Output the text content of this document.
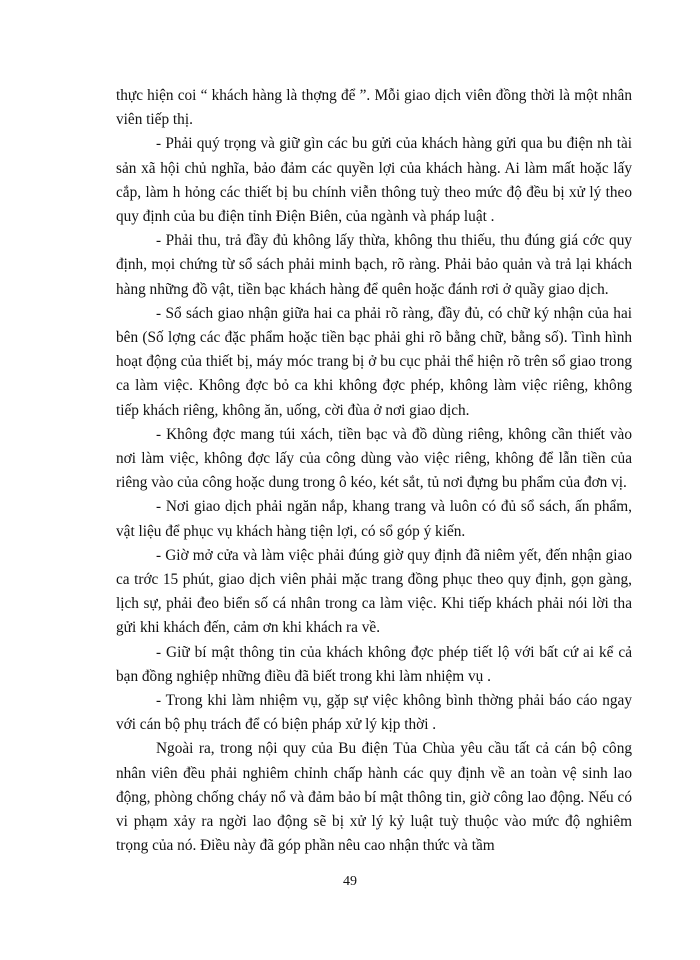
thực hiện coi “ khách hàng là thợng để ”. Mỗi giao dịch viên đồng thời là một nhân viên tiếp thị.

- Phải quý trọng và giữ gìn các bu gửi của khách hàng gửi qua bu điện nh tài sản xã hội chủ nghĩa, bảo đảm các quyền lợi của khách hàng. Ai làm mất hoặc lấy cắp, làm h hỏng các thiết bị bu chính viễn thông tuỳ theo mức độ đều bị xử lý theo quy định của bu điện tỉnh Điện Biên, của ngành và pháp luật .

- Phải thu, trả đầy đủ không lấy thừa, không thu thiếu, thu đúng giá cớc quy định, mọi chứng từ sổ sách phải minh bạch, rõ ràng. Phải bảo quản và trả lại khách hàng những đồ vật, tiền bạc khách hàng để quên hoặc đánh rơi ở quầy giao dịch.

- Sổ sách giao nhận giữa hai ca phải rõ ràng, đầy đủ, có chữ ký nhận của hai bên (Số lợng các đặc phẩm hoặc tiền bạc phải ghi rõ bằng chữ, bằng số). Tình hình hoạt động của thiết bị, máy móc trang bị ở bu cục phải thể hiện rõ trên sổ giao trong ca làm việc. Không đợc bỏ ca khi không đợc phép, không làm việc riêng, không tiếp khách riêng, không ăn, uống, cời đùa ở nơi giao dịch.

- Không đợc mang túi xách, tiền bạc và đồ dùng riêng, không cần thiết vào nơi làm việc, không đợc lấy của công dùng vào việc riêng, không để lẫn tiền của riêng vào của công hoặc dung trong ô kéo, két sắt, tủ nơi đựng bu phẩm của đơn vị.

- Nơi giao dịch phải ngăn nắp, khang trang và luôn có đủ sổ sách, ấn phẩm, vật liệu để phục vụ khách hàng tiện lợi, có sổ góp ý kiến.

- Giờ mở cửa và làm việc phải đúng giờ quy định đã niêm yết, đến nhận giao ca trớc 15 phút, giao dịch viên phải mặc trang đồng phục theo quy định, gọn gàng, lịch sự, phải đeo biển số cá nhân trong ca làm việc. Khi tiếp khách phải nói lời tha gửi khi khách đến, cảm ơn khi khách ra về.

- Giữ bí mật thông tin của khách không đợc phép tiết lộ với bất cứ ai kể cả bạn đồng nghiệp những điều đã biết trong khi làm nhiệm vụ .

- Trong khi làm nhiệm vụ, gặp sự việc không bình thờng phải báo cáo ngay với cán bộ phụ trách để có biện pháp xử lý kịp thời .

Ngoài ra, trong nội quy của Bu điện Tủa Chùa yêu cầu tất cả cán bộ công nhân viên đều phải nghiêm chỉnh chấp hành các quy định về an toàn vệ sinh lao động, phòng chống cháy nổ và đảm bảo bí mật thông tin, giờ công lao động. Nếu có vi phạm xảy ra ngời lao động sẽ bị xử lý kỷ luật tuỳ thuộc vào mức độ nghiêm trọng của nó. Điều này đã góp phần nêu cao nhận thức và tầm

49
